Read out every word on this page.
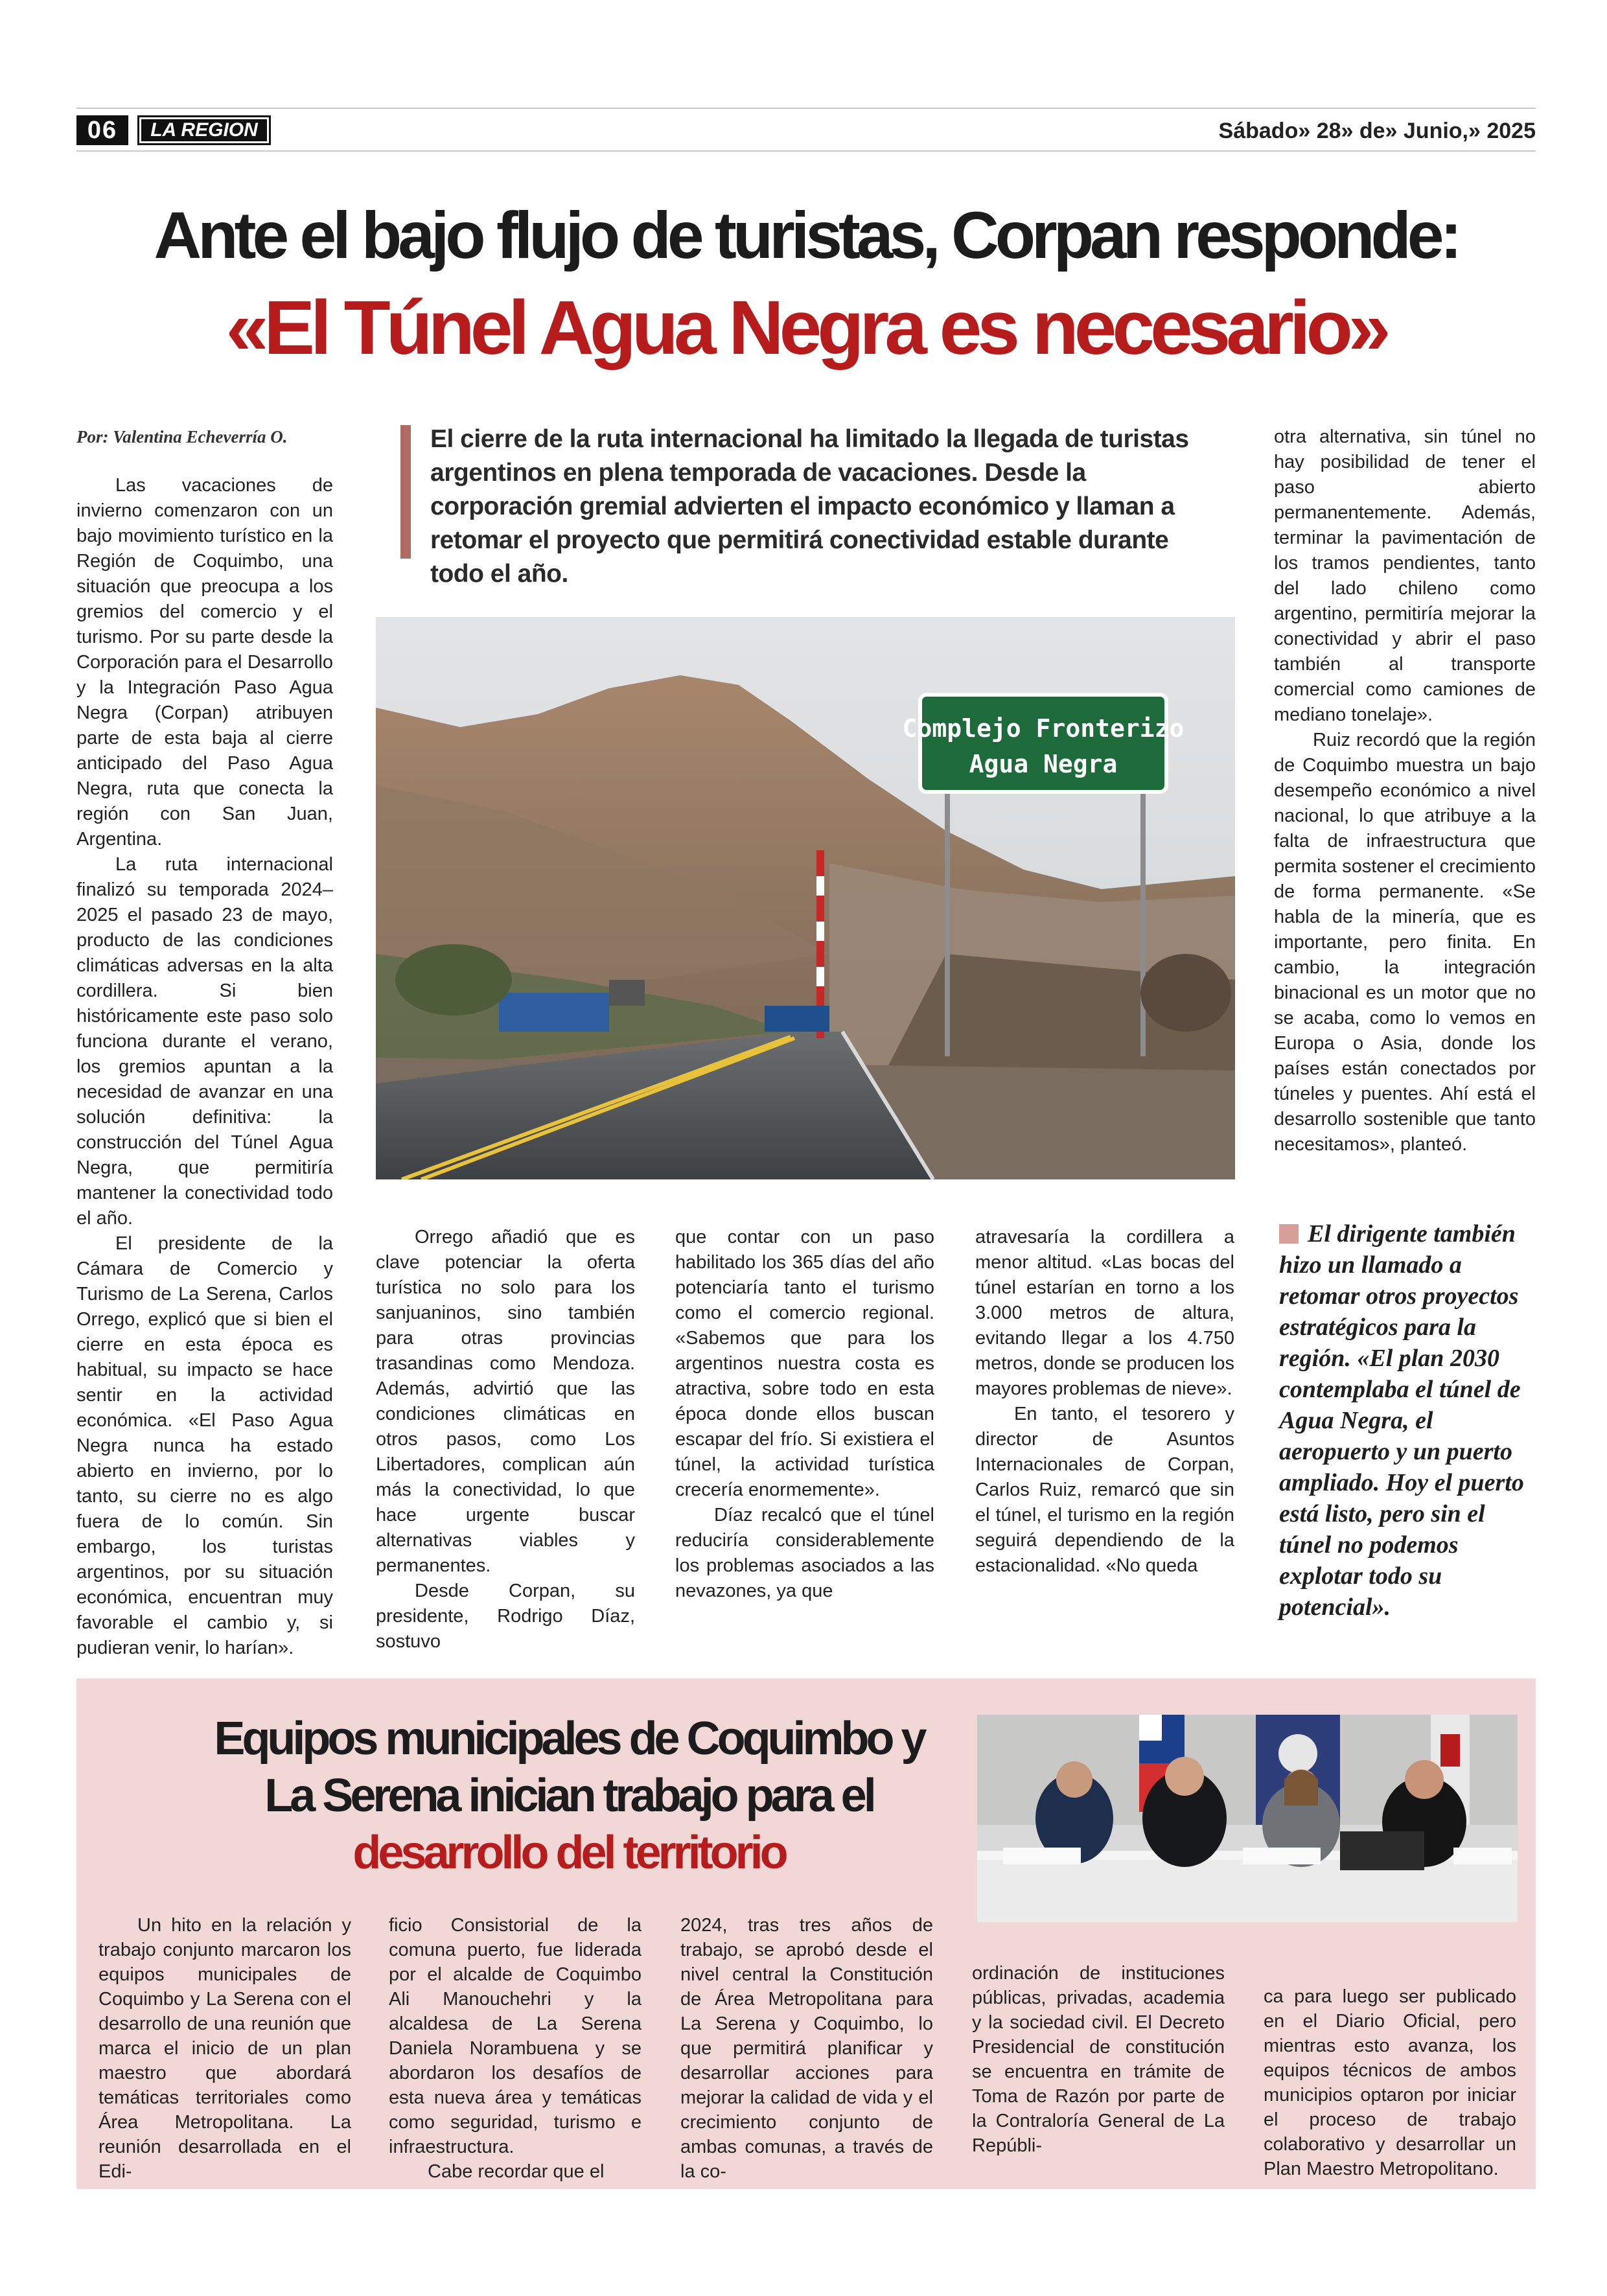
06	LA REGION	Sábado» 28» de» Junio,» 2025
Ante el bajo flujo de turistas, Corpan responde:
«El Túnel Agua Negra es necesario»
Por: Valentina Echeverría O.	El cierre de la ruta internacional ha limitado la llegada de turistas argentinos en plena temporada de vacaciones. Desde la corporación gremial advierten el impacto económico y llaman a retomar el proyecto que permitirá conectividad estable durante todo el año.

Las vacaciones de invierno comenzaron con un bajo movimiento turístico en la Región de Coquimbo, una situación que preocupa a los gremios del comercio y el turismo. Por su parte desde la Corporación para el Desarrollo y la Integración Paso Agua Negra (Corpan) atribuyen parte de esta baja al cierre anticipado del Paso Agua Negra, ruta que conecta la región con San Juan, Argentina.

La ruta internacional finalizó su temporada 2024–2025 el pasado 23 de mayo, producto de las condiciones climáticas adversas en la alta cordillera. Si bien históricamente este paso solo funciona durante el verano, los gremios apuntan a la necesidad de avanzar en una solución definitiva: la construcción del Túnel Agua Negra, que permitiría mantener la conectividad todo el año.

El presidente de la Cámara de Comercio y Turismo de La Serena, Carlos Orrego, explicó que si bien el cierre en esta época es habitual, su impacto se hace sentir en la actividad económica. «El Paso Agua Negra nunca ha estado abierto en invierno, por lo tanto, su cierre no es algo fuera de lo común. Sin embargo, los turistas argentinos, por su situación económica, encuentran muy favorable el cambio y, si pudieran venir, lo harían».

Complejo Fronterizo
Agua Negra

Orrego añadió que es clave potenciar la oferta turística no solo para los sanjuaninos, sino también para otras provincias trasandinas como Mendoza. Además, advirtió que las condiciones climáticas en otros pasos, como Los Libertadores, complican aún más la conectividad, lo que hace urgente buscar alternativas viables y permanentes.

Desde Corpan, su presidente, Rodrigo Díaz, sostuvo

que contar con un paso habilitado los 365 días del año potenciaría tanto el turismo como el comercio regional. «Sabemos que para los argentinos nuestra costa es atractiva, sobre todo en esta época donde ellos buscan escapar del frío. Si existiera el túnel, la actividad turística crecería enormemente».

Díaz recalcó que el túnel reduciría considerablemente los problemas asociados a las nevazones, ya que

atravesaría la cordillera a menor altitud. «Las bocas del túnel estarían en torno a los 3.000 metros de altura, evitando llegar a los 4.750 metros, donde se producen los mayores problemas de nieve».

En tanto, el tesorero y director de Asuntos Internacionales de Corpan, Carlos Ruiz, remarcó que sin el túnel, el turismo en la región seguirá dependiendo de la estacionalidad. «No queda

otra alternativa, sin túnel no hay posibilidad de tener el paso abierto permanentemente. Además, terminar la pavimentación de los tramos pendientes, tanto del lado chileno como argentino, permitiría mejorar la conectividad y abrir el paso también al transporte comercial como camiones de mediano tonelaje».

Ruiz recordó que la región de Coquimbo muestra un bajo desempeño económico a nivel nacional, lo que atribuye a la falta de infraestructura que permita sostener el crecimiento de forma permanente. «Se habla de la minería, que es importante, pero finita. En cambio, la integración binacional es un motor que no se acaba, como lo vemos en Europa o Asia, donde los países están conectados por túneles y puentes. Ahí está el desarrollo sostenible que tanto necesitamos», planteó.

El dirigente también hizo un llamado a retomar otros proyectos estratégicos para la región. «El plan 2030 contemplaba el túnel de Agua Negra, el aeropuerto y un puerto ampliado. Hoy el puerto está listo, pero sin el túnel no podemos explotar todo su potencial».
Equipos municipales de Coquimbo y
La Serena inician trabajo para el
desarrollo del territorio

Un hito en la relación y trabajo conjunto marcaron los equipos municipales de Coquimbo y La Serena con el desarrollo de una reunión que marca el inicio de un plan maestro que abordará temáticas territoriales como Área Metropolitana. La reunión desarrollada en el Edi-

ficio Consistorial de la comuna puerto, fue liderada por el alcalde de Coquimbo Ali Manouchehri y la alcaldesa de La Serena Daniela Norambuena y se abordaron los desafíos de esta nueva área y temáticas como seguridad, turismo e infraestructura.

Cabe recordar que el

2024, tras tres años de trabajo, se aprobó desde el nivel central la Constitución de Área Metropolitana para La Serena y Coquimbo, lo que permitirá planificar y desarrollar acciones para mejorar la calidad de vida y el crecimiento conjunto de ambas comunas, a través de la co-

ordinación de instituciones públicas, privadas, academia y la sociedad civil. El Decreto Presidencial de constitución se encuentra en trámite de Toma de Razón por parte de la Contraloría General de La Repúbli-

ca para luego ser publicado en el Diario Oficial, pero mientras esto avanza, los equipos técnicos de ambos municipios optaron por iniciar el proceso de trabajo colaborativo y desarrollar un Plan Maestro Metropolitano.
